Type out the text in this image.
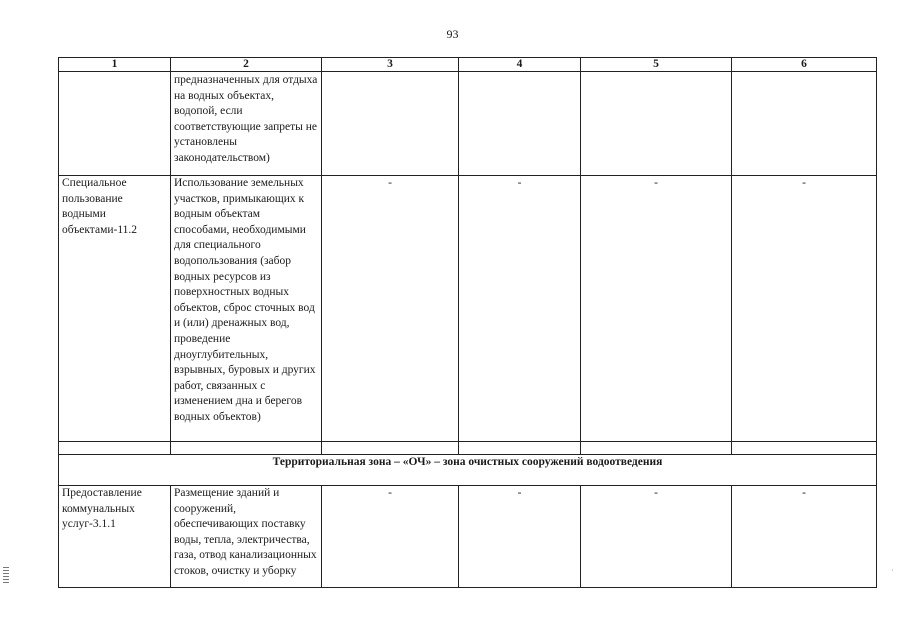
93
1	2	3	4	5	6
	предназначенных для отдыха на водных объектах, водопой, если соответствующие запреты не установлены законодательством)				
Специальное пользование водными объектами-11.2	Использование земельных участков, примыкающих к водным объектам способами, необходимыми для специального водопользования (забор водных ресурсов из поверхностных водных объектов, сброс сточных вод и (или) дренажных вод, проведение дноуглубительных, взрывных, буровых и других работ, связанных с изменением дна и берегов водных объектов)	-	-	-	-

Территориальная зона – «ОЧ» – зона очистных сооружений водоотведения					
Предоставление коммунальных услуг-3.1.1	Размещение зданий и сооружений, обеспечивающих поставку воды, тепла, электричества, газа, отвод канализационных стоков, очистку и уборку	-	-	-	-
·
